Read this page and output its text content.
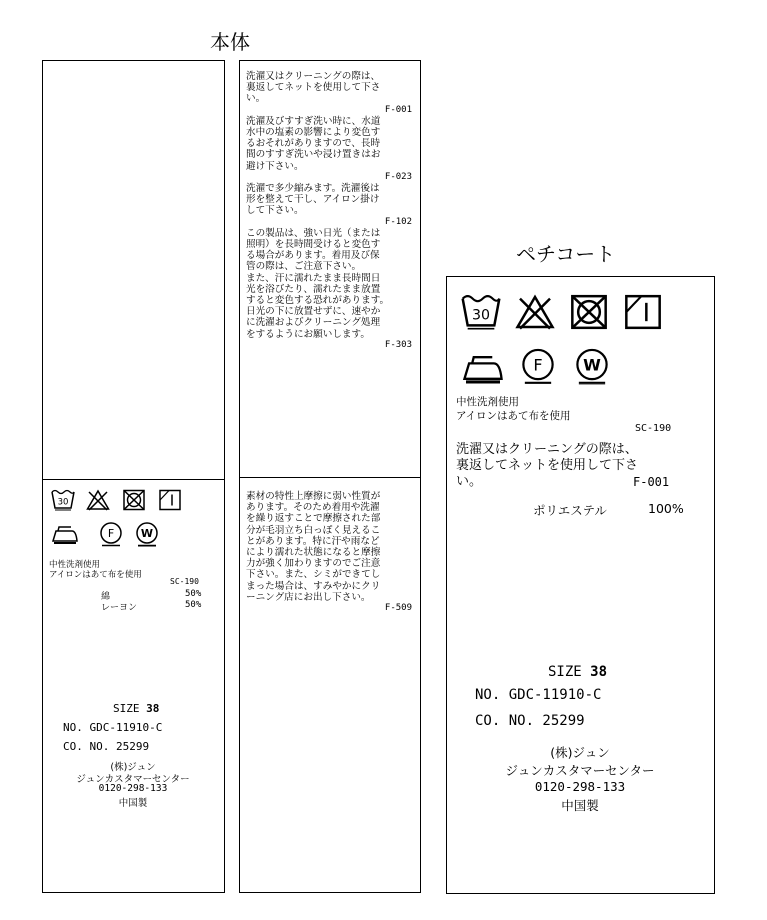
本体
ペチコート
30
F W
中性洗剤使用
アイロンはあて布を使用
SC-190
綿	50%
レーヨン	50%
SIZE 38
NO. GDC-11910-C
CO. NO. 25299
(株)ジュン
ジュンカスタマーセンター
0120-298-133
中国製
洗濯又はクリーニングの際は、
裏返してネットを使用して下さ
い。
F-001
洗濯及びすすぎ洗い時に、水道
水中の塩素の影響により変色す
るおそれがありますので、長時
間のすすぎ洗いや浸け置きはお
避け下さい。
F-023
洗濯で多少縮みます。洗濯後は
形を整えて干し、アイロン掛け
して下さい。
F-102
この製品は、強い日光（または
照明）を長時間受けると変色す
る場合があります。着用及び保
管の際は、ご注意下さい。
また、汗に濡れたまま長時間日
光を浴びたり、濡れたまま放置
すると変色する恐れがあります。
日光の下に放置せずに、速やか
に洗濯およびクリーニング処理
をするようにお願いします。
F-303
素材の特性上摩擦に弱い性質が
あります。そのため着用や洗濯
を繰り返すことで摩擦された部
分が毛羽立ち白っぽく見えるこ
とがあります。特に汗や雨など
により濡れた状態になると摩擦
力が強く加わりますのでご注意
下さい。また、シミができてし
まった場合は、すみやかにクリ
ーニング店にお出し下さい。
F-509
30
F W
中性洗剤使用
アイロンはあて布を使用
SC-190
洗濯又はクリーニングの際は、
裏返してネットを使用して下さ
い。	F-001
ポリエステル	100%
SIZE 38
NO. GDC-11910-C
CO. NO. 25299
(株)ジュン
ジュンカスタマーセンター
0120-298-133
中国製
